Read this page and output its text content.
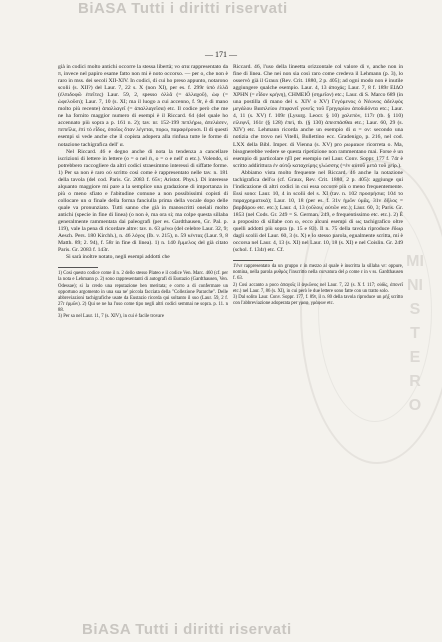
MINISTERO
BiASA Tutti i diritti riservati
— 171 —

già in codici molto antichi occorre la stessa libertà; vo ατα rappresentato da π, invece nel papiro esame fatto non mi è noto occorso. — per ο, che non è raro in mss. dei secoli XII-XIV. In codici, di cui ho preso appunto, notarono scolii (s. XII?) del Laur. 7, 22 s. X (non XI), per es. f. 299r ὑπὸ ἐλλᾶ (ἐλπιδοφῶ ἐπεῖτες) Laur. 59, 2, spesso ὀλλᾶ (= ἀλλαχοῦ), ὠφ (= ὠφελοῦσι); Laur. 7, 10 (s. XI; ma il luogo a cui accenno, f. 9r, è di mano molto più recente) ἀπαλλαγεῖ (= ἀπαλλαγεῖσα) etc. Il codice però che me ne ha fornito maggior numero di esempi è il Riccard. 64 (del quale ho accennato più sopra a p. 161 n. 2); tav. nr. 152-199 πεπλήρω, ἀπελάσεν, πεπεῖλα, ἐπὶ τὸ εἶδος, ὁποῖος ὅταν λέγεται, πορω, παραφέρουσι. Il di questi esempi si vede anche che il copista adopera alla rinfusa tutte le forme di notazione tachigrafica dell' α.

Nel Riccard. 46 e degno anche di nota la tendenza a cancellare iscrizioni di lettere in lettere (ο = ο nel ἐι, ο = ο e nell' α etc.). Volendo, si potrebbero raccogliere da altri codici straesimmo interessi di siffatte forme. 1) Per sa non è raro οὐ scritto così come è rappresentato nelle tav. n. 181 della tavola (del cod. Paris. Gr. 2083 f. 65v; Aristot. Phys.). Di interesse alquanto maggiore mi pare a la semplice una gradazione di importanza in più o meno sfiato e l'abitudine comune a non possibissimi copisti di collocare un α finale della forma fanciulla prima della vocale dopo delle quale va pronunziato. Tutti sanno che già in manoscritti oneiali molto antichi (specie in fine di linea) (ο non è, ma ora si; ma colpe questa sillaba generalmente rammentata dai paleografi (per es. Gardthausen, Gr. Pal. p. 119), vale la pena di ricordare altre: tav. n. 63 μένω (del celebre Laur. 32, 9; Aesch. Pers. 180 Kirchh.), n. 46 λόγος (Ib. v. 215), n. 59 κέντας (Laur. 9, 8 Matth. 89; 2. 94), f. 58r in fine di linea). 1) n. 140 ἔμμελος del già citato Paris. Gr. 2083 f. 143r.

Si sarà inoltre notato, negli esempi addotti che

1) Così questo codice come il n. 2 dello stesso Plateo e il codice Ven. Marc. 460 (cf. per la nota e Lehmann p. 2) sono rappresentanti di autografi di Eustazio (Gardthausen, Ven. Odessae); si la credo una reputazione ben meritata; e corro a di confermare un opportuno argomento in una sua ne' piccola facciata della "Collezione Pararche". Delle abbreviazioni tachigrafiche usate da Eustazio ricorda qui soltanto il suo (Laur. 59, 2 f. 27r ἐρμῶν). 2) Qui se ne ha l'uso come tipo negli altri codici semmai ne sopra. p. 11. n 88.
3) Per sa nel Laur. 11, 7 (s. XIV), in cui è facile trovare

Riccard. 46, l'uso della lineetta orizzontale col valore di ν, anche non in fine di linea. Che nei non sia così raro come credeva il Lehmann (p. 3), lo osservò già il Graux (Rev. Crit. 1880, 2 p. 405); ad ogni modo non è inutile aggiungere qualche esempio. Laur. 4, 13 ἀποχάς; Laur. 7, 8 f. 189r ΕΙΔΟ ΧΡΗΝ (= εἶδον κρήνη), CHMEIŌ (σημεῖον) etc.; Laur. di S. Marco 689 (in una postilla di mano del s. XIV o XV) Γεγόμενος ὁ Νέωνος ἀδελφὸς μεγάλου Βασιλείου ἐπιφανεῖ γονεῖς τοῦ Γρηγορίου ἀποδιδόντα etc.; Laur. 4, 11 (s. XV) f. 109r (Lysurg. Leocr. § 10) χαλεπὸν, 117r (tb. § 110) εἰλεφνῖ, 161r (§ 128) ἐπεὶ, tb. (§ 130) ἀπεσπάσθαι etc.; Laur. 60, 29 (s. XIV) etc. Lehmann ricorda anche un esempio di α = ον: secondo una notizia che trovo nei Vitelli, Bullettino ecc. Gradenigo, p. 216, nel cod. LXX della Bibl. Imper. di Vienna (s. XV) pro ρωμαιων ricorreta ο. Ma, bisognerebbe vedere se questa ripetizione non rammentano mai. Forse è un esempio di particolare ηΠ per esempio nel Laur. Conv. Soppr. 177 f. 74r è scritto addirittura ἐν αὐτῷ καταχείρης γλώσσης (=ἐν αὐτοῦ μετὰ τοῦ χείρ.).

Abbiamo vista molto frequente nel Riccard. 46 anche la notazione tachigrafica dell'ω (cf. Graux, Rev. Crit. 1880, 2 p. 405): aggiunge qui l'indicazione di altri codici in cui essa occorre più o meno frequentemente. Essi sono: Laur. 10, 4 in scolii del s. XI (tav. n. 102 προσρήσια; 104 το παραχρηματικά); Laur. 10, 18 (per es. f. 31v ἡμῶν ὑμᾶς, 31v δῆλος = βαρβάρου etc. etc.); Laur. 4, 13 (οὔλου, αὐτῶν etc.); Laur. 60, 3; Paris. Gr. 1853 (nel Cods. Gr. 249 = S. German. 249, e frequentissimo etc. etc.). 2) È a proposito di sillabe con ω, ecco alcuni esempi di ως tachigrafico oltre quelli addotti più sopra (p. 15 e 83). Il n. 75 della tavola riproduce ἔδωρ dagli scolii del Laur. 60, 3 (s. X) e lo stesso parola, egualmente scritta, mi è occorsa nel Laur. 4, 13 (s. XI) nel Laur. 10, 18 (s. XI) e nel Coislin. Gr. 249 (schol. f. 134r) etc. Cf.

1'ἐνε rappresentato da un gruppo ε in mezzo al quale è inscritta la sillaba νε: oppure, nomina, nella parola ρυθμός l'inscritto nella curvatura del ρ come ε in ν ss. Gardthausen f. 63.
2) Così accanto a poco ἀπαγοῖς il ἀγκῶνος nel Laur. 7, 22 (s. X f. 117; οὐδίς, ἀπονεῖ etc.) nel Laur. 7, 86 (s. XI), in cui però le due lettere sono fatte con un tratto solo.
3) Dal solito Laur. Conv. Soppr. 177, f. 89r, il n. 80 della tavola riproduce un ρὴξ scritto con l'abbreviazione adoperata per γραφ, γράφων etc.

BiASA Tutti i diritti riservati
